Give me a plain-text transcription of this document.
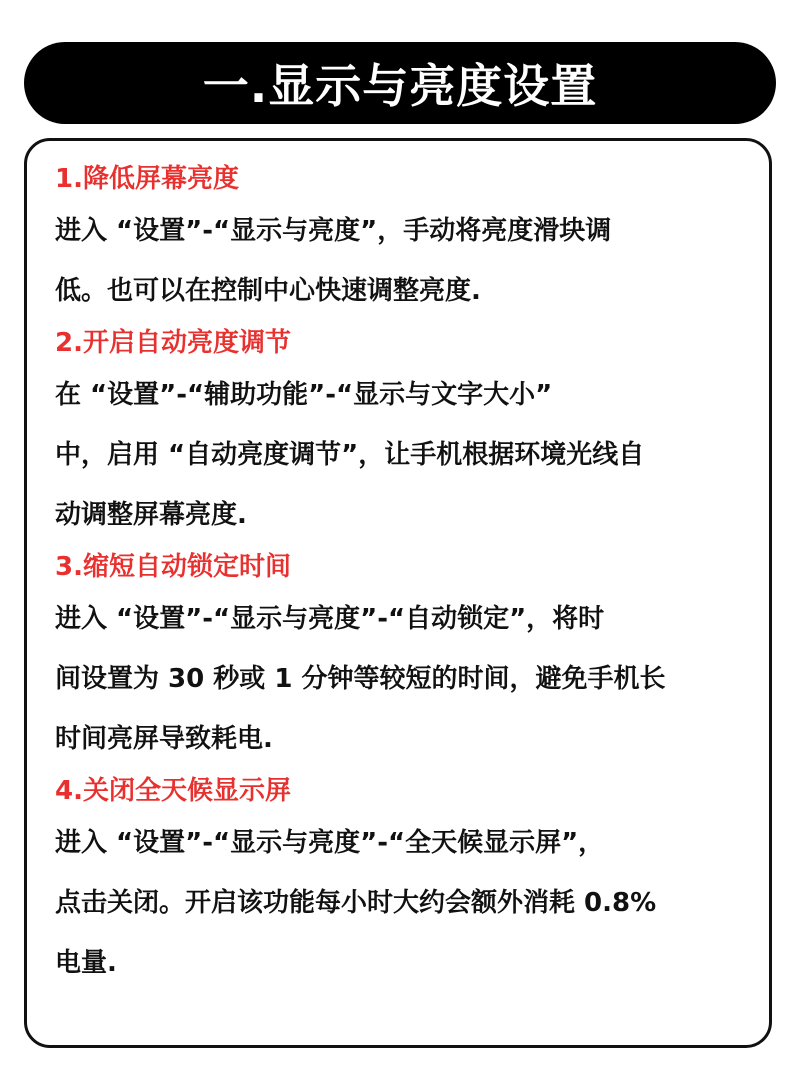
一.显示与亮度设置
1.降低屏幕亮度
进入 “设置”-“显示与亮度”，手动将亮度滑块调
低。也可以在控制中心快速调整亮度.
2.开启自动亮度调节
在 “设置”-“辅助功能”-“显示与文字大小”
中，启用 “自动亮度调节”，让手机根据环境光线自
动调整屏幕亮度.
3.缩短自动锁定时间
进入 “设置”-“显示与亮度”-“自动锁定”，将时
间设置为 30 秒或 1 分钟等较短的时间，避免手机长
时间亮屏导致耗电.
4.关闭全天候显示屏
进入 “设置”-“显示与亮度”-“全天候显示屏”，
点击关闭。开启该功能每小时大约会额外消耗 0.8%
电量.
